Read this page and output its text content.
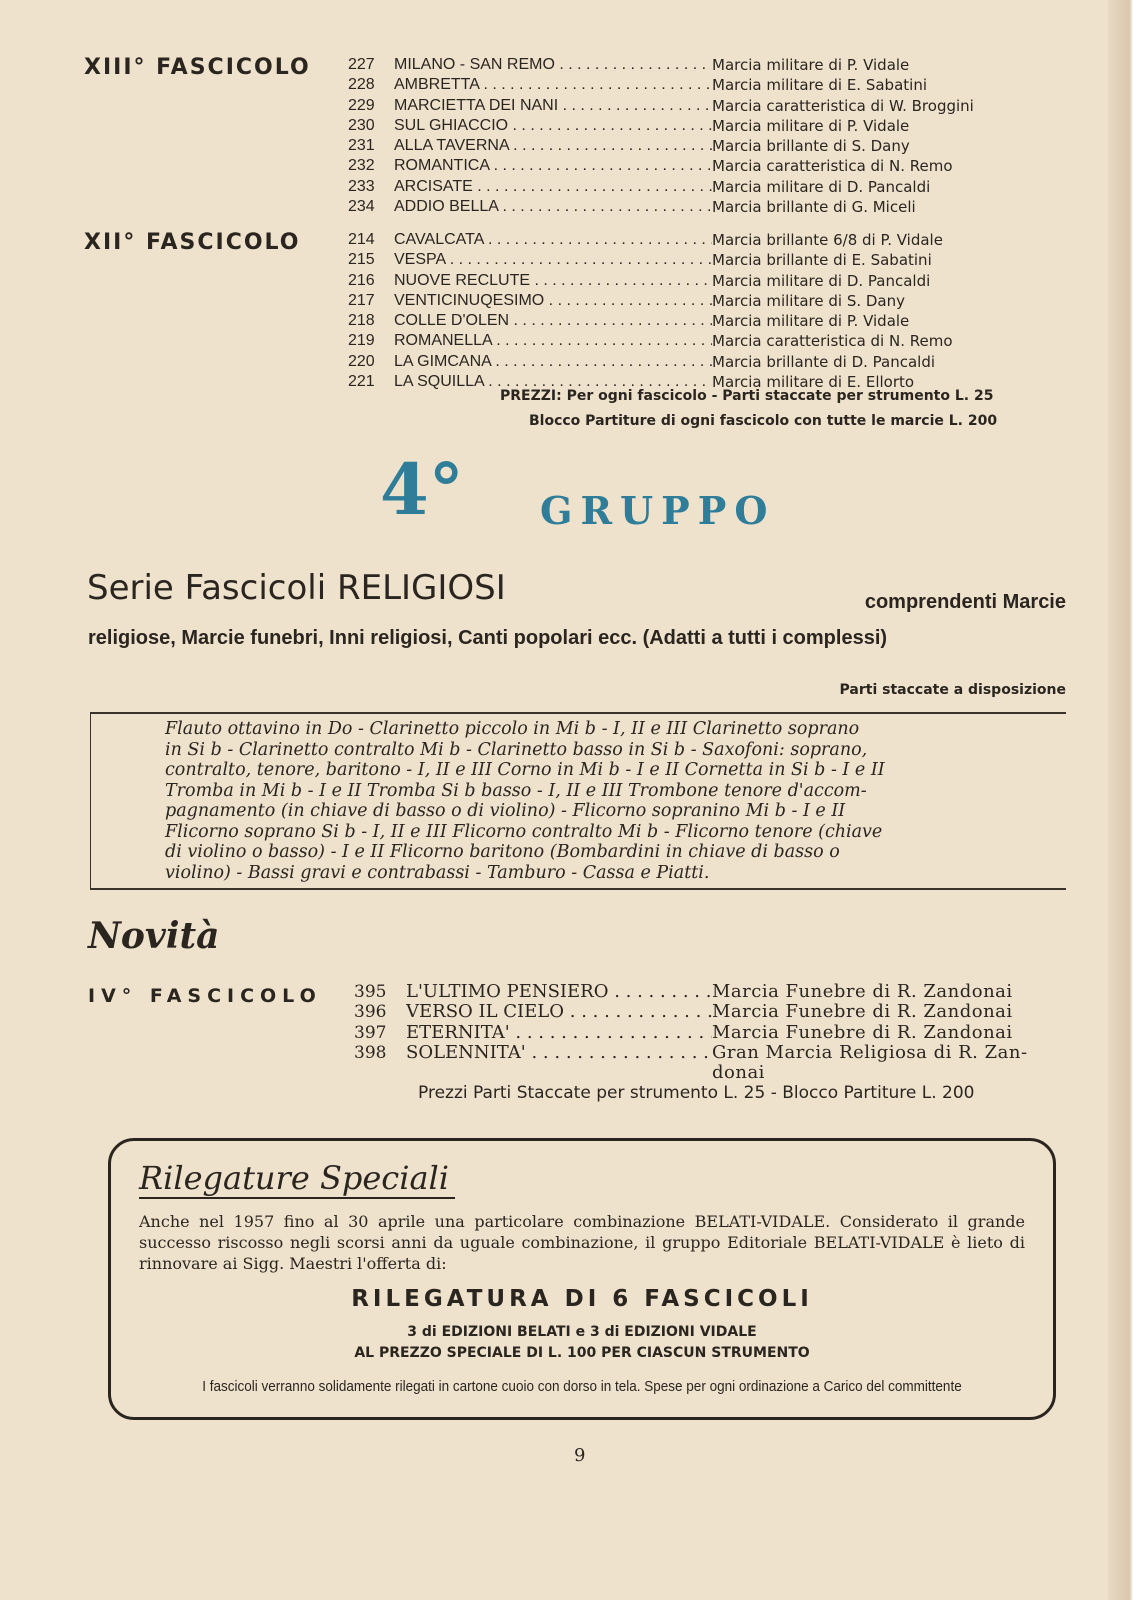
XIII° FASCICOLO 227	MILANO - SAN REMO . . .	Marcia militare di P. Vidale
228	AMBRETTA . . .	Marcia militare di E. Sabatini
229	MARCIETTA DEI NANI . . .	Marcia caratteristica di W. Broggini
230	SUL GHIACCIO . . .	Marcia militare di P. Vidale
231	ALLA TAVERNA . . .	Marcia brillante di S. Dany
232	ROMANTICA . . .	Marcia caratteristica di N. Remo
233	ARCISATE . . .	Marcia militare di D. Pancaldi
234	ADDIO BELLA . . .	Marcia brillante di G. Miceli
XII° FASCICOLO	214	CAVALCATA . . .	Marcia brillante 6/8 di P. Vidale
215	VESPA . . .	Marcia brillante di E. Sabatini
216	NUOVE RECLUTE . . .	Marcia militare di D. Pancaldi
217	VENTICINUQESIMO . . .	Marcia militare di S. Dany
218	COLLE D'OLEN . . .	Marcia militare di P. Vidale
219	ROMANELLA . . .	Marcia caratteristica di N. Remo
220	LA GIMCANA . . .	Marcia brillante di D. Pancaldi
221	LA SQUILLA . . .	Marcia militare di E. Ellorto
PREZZI: Per ogni fascicolo - Parti staccate per strumento L. 25
Blocco Partiture di ogni fascicolo con tutte le marcie L. 200
4° GRUPPO
Serie Fascicoli RELIGIOSI	comprendenti Marcie
religiose, Marcie funebri, Inni religiosi, Canti popolari ecc. (Adatti a tutti i complessi)
Parti staccate a disposizione
Flauto ottavino in Do - Clarinetto piccolo in Mi b - I, II e III Clarinetto soprano
in Si b - Clarinetto contralto Mi b - Clarinetto basso in Si b - Saxofoni: soprano,
contralto, tenore, baritono - I, II e III Corno in Mi b - I e II Cornetta in Si b - I e II
Tromba in Mi b - I e II Tromba Si b basso - I, II e III Trombone tenore d'accom-
pagnamento (in chiave di basso o di violino) - Flicorno sopranino Mi b - I e II
Flicorno soprano Si b - I, II e III Flicorno contralto Mi b - Flicorno tenore (chiave
di violino o basso) - I e II Flicorno baritono (Bombardini in chiave di basso o
violino) - Bassi gravi e contrabassi - Tamburo - Cassa e Piatti.
Novità
IV° FASCICOLO 395	L'ULTIMO PENSIERO . . .	Marcia Funebre di R. Zandonai
396	VERSO IL CIELO . . .	Marcia Funebre di R. Zandonai
397	ETERNITA' . . .	Marcia Funebre di R. Zandonai
398	SOLENNITA' . . .	Gran Marcia Religiosa di R. Zan-donai
Prezzi Parti Staccate per strumento L. 25 - Blocco Partiture L. 200
Rilegature Speciali
Anche nel 1957 fino al 30 aprile una particolare combinazione BELATI-VIDALE. Considerato il grande successo riscosso negli scorsi anni da uguale combinazione, il gruppo Editoriale BELATI-VIDALE è lieto di rinnovare ai Sigg. Maestri l'offerta di:
RILEGATURA DI 6 FASCICOLI
3 di EDIZIONI BELATI e 3 di EDIZIONI VIDALE
AL PREZZO SPECIALE DI L. 100 PER CIASCUN STRUMENTO
I fascicoli verranno solidamente rilegati in cartone cuoio con dorso in tela. Spese per ogni ordinazione a Carico del committente
9
